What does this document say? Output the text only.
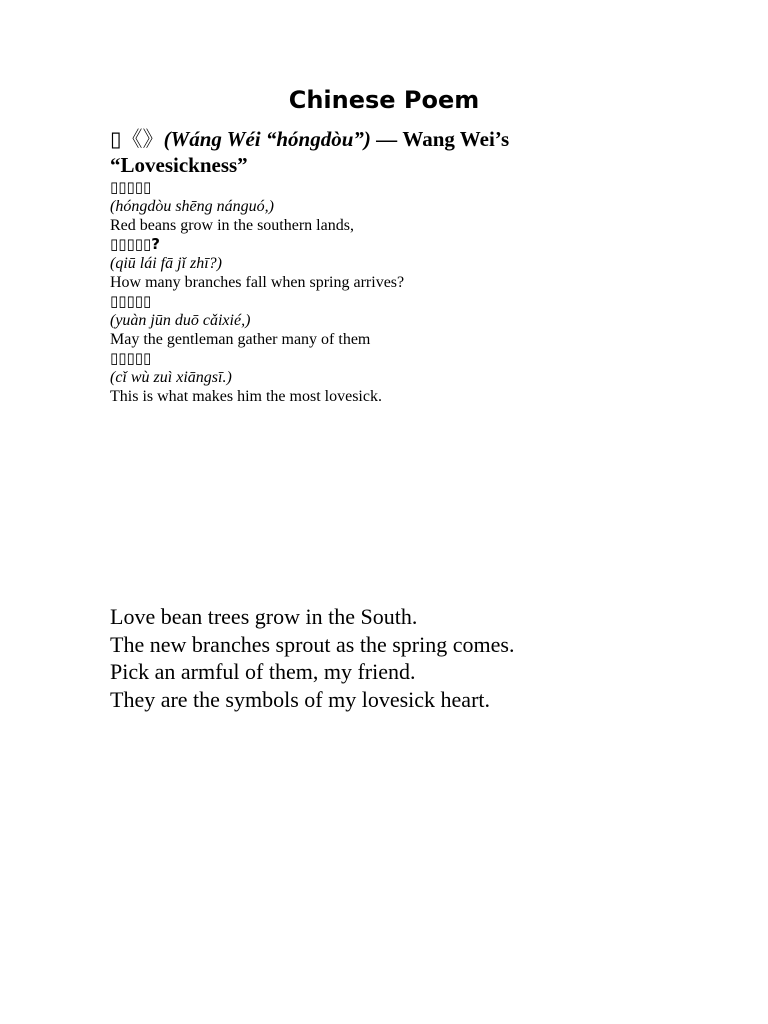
Chinese Poem

▯《》(Wáng Wéi “hóngdòu”) — Wang Wei’s “Lovesickness”

▯▯▯▯▯
(hóngdòu shēng nánguó,)
Red beans grow in the southern lands,
▯▯▯▯▯?
(qiū lái fā jǐ zhī?)
How many branches fall when spring arrives?
▯▯▯▯▯
(yuàn jūn duō cǎixié,)
May the gentleman gather many of them
▯▯▯▯▯
(cǐ wù zuì xiāngsī.)
This is what makes him the most lovesick.
Love bean trees grow in the South.
The new branches sprout as the spring comes.
Pick an armful of them, my friend.
They are the symbols of my lovesick heart.
